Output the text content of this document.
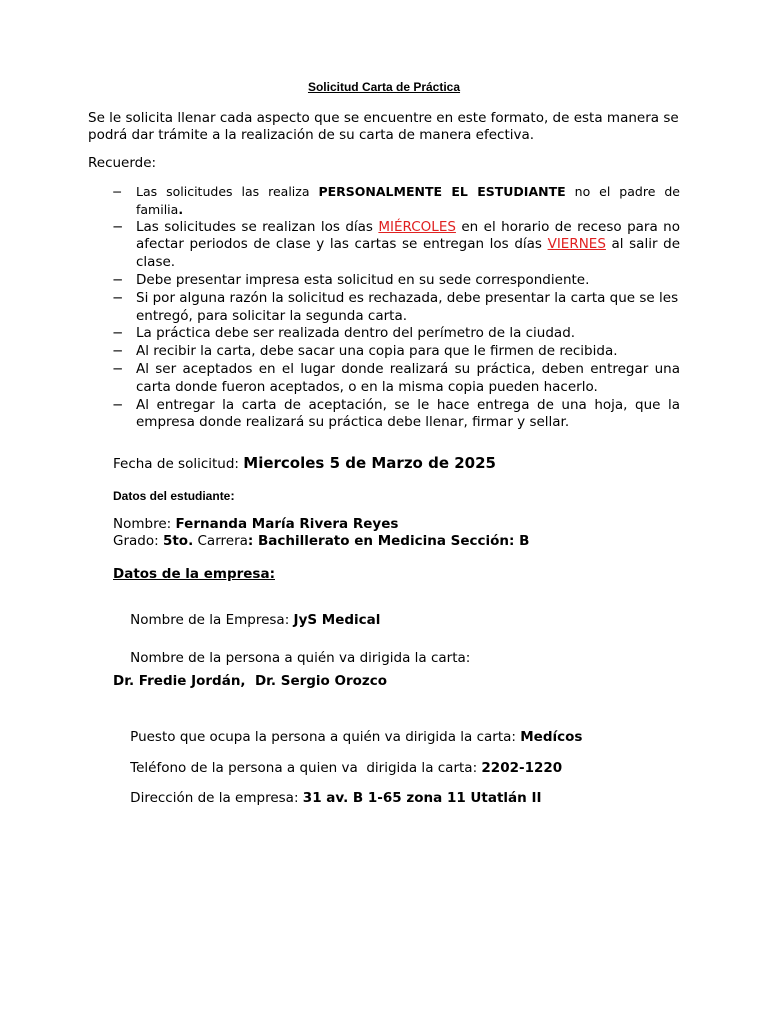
Solicitud Carta de Práctica
Se le solicita llenar cada aspecto que se encuentre en este formato, de esta manera se podrá dar trámite a la realización de su carta de manera efectiva.
Recuerde:
− Las solicitudes las realiza PERSONALMENTE EL ESTUDIANTE no el padre de familia.
− Las solicitudes se realizan los días MIÉRCOLES en el horario de receso para no afectar periodos de clase y las cartas se entregan los días VIERNES al salir de clase.
− Debe presentar impresa esta solicitud en su sede correspondiente.
− Si por alguna razón la solicitud es rechazada, debe presentar la carta que se les entregó, para solicitar la segunda carta.
− La práctica debe ser realizada dentro del perímetro de la ciudad.
− Al recibir la carta, debe sacar una copia para que le firmen de recibida.
− Al ser aceptados en el lugar donde realizará su práctica, deben entregar una carta donde fueron aceptados, o en la misma copia pueden hacerlo.
− Al entregar la carta de aceptación, se le hace entrega de una hoja, que la empresa donde realizará su práctica debe llenar, firmar y sellar.
Fecha de solicitud: Miercoles 5 de Marzo de 2025
Datos del estudiante:
Nombre: Fernanda María Rivera Reyes
Grado: 5to. Carrera: Bachillerato en Medicina Sección: B
Datos de la empresa:

Nombre de la Empresa: JyS Medical

Nombre de la persona a quién va dirigida la carta:

Dr. Fredie Jordán,  Dr. Sergio Orozco

Puesto que ocupa la persona a quién va dirigida la carta: Medícos

Teléfono de la persona a quien va  dirigida la carta: 2202-1220

Dirección de la empresa: 31 av. B 1-65 zona 11 Utatlán II
